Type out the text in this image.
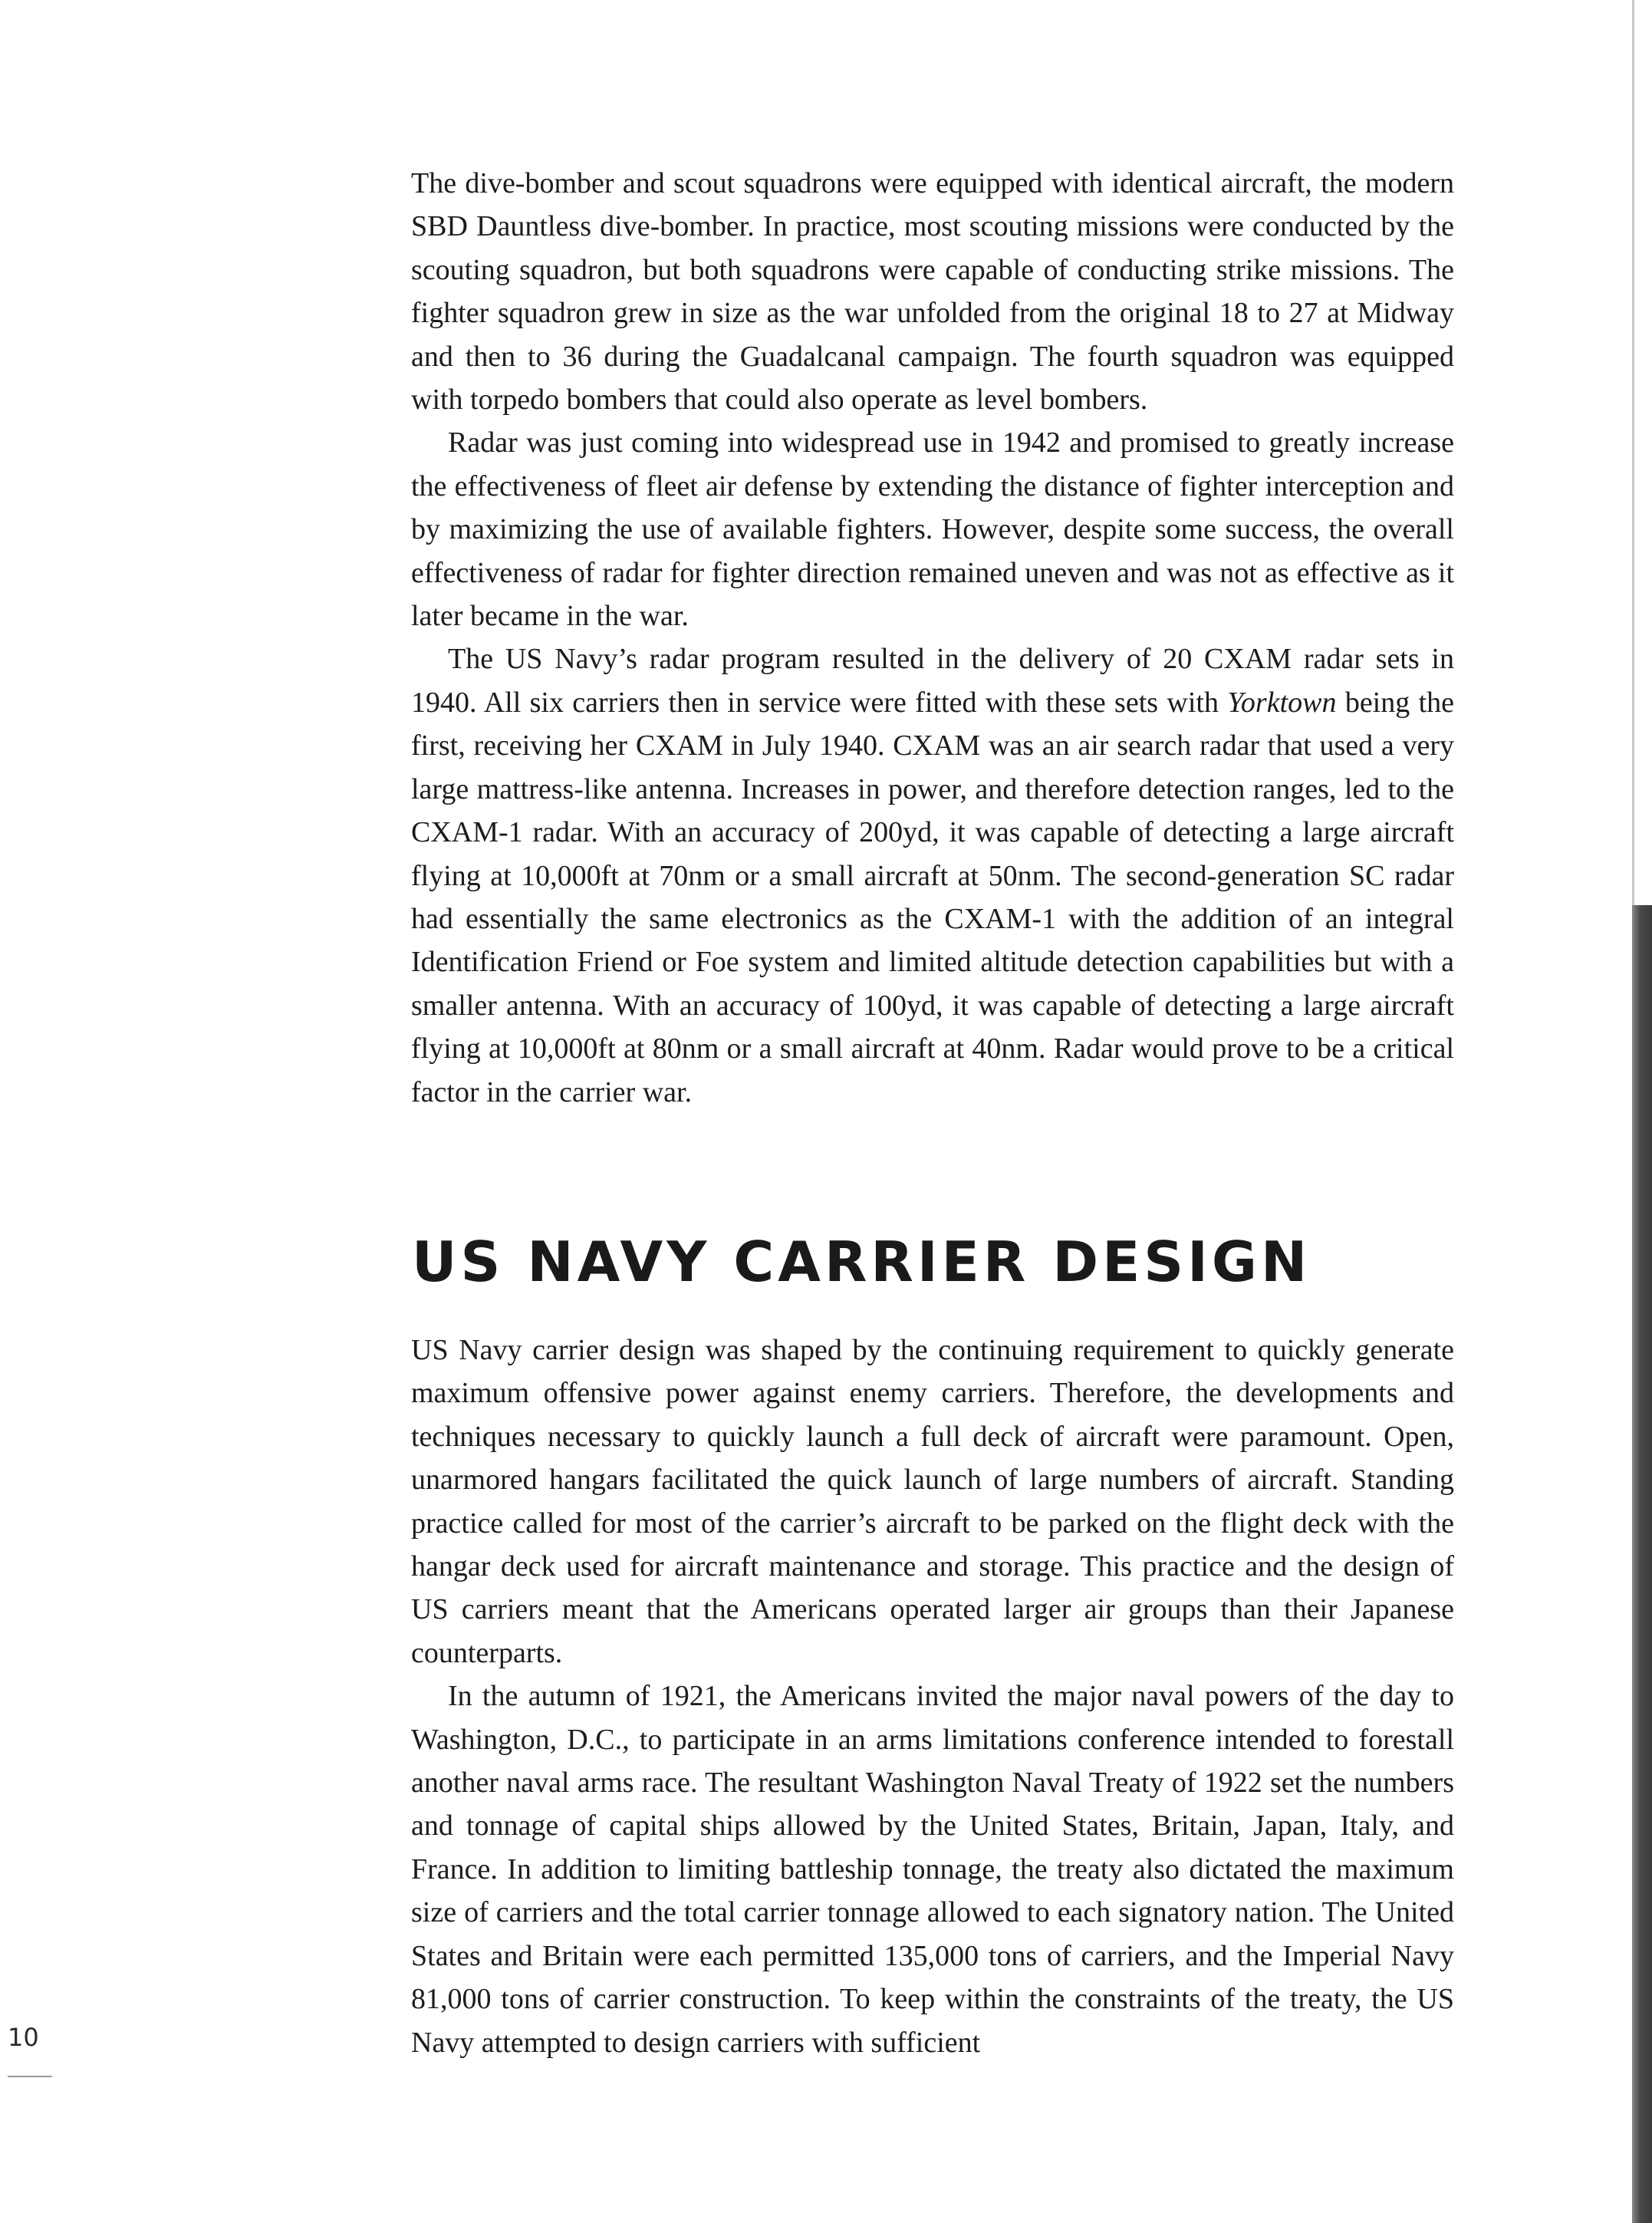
The dive-bomber and scout squadrons were equipped with identical aircraft, the modern SBD Dauntless dive-bomber. In practice, most scouting missions were conducted by the scouting squadron, but both squadrons were capable of conducting strike missions. The fighter squadron grew in size as the war unfolded from the original 18 to 27 at Midway and then to 36 during the Guadalcanal campaign. The fourth squadron was equipped with torpedo bombers that could also operate as level bombers.

Radar was just coming into widespread use in 1942 and promised to greatly increase the effectiveness of fleet air defense by extending the distance of fighter interception and by maximizing the use of available fighters. However, despite some success, the overall effectiveness of radar for fighter direction remained uneven and was not as effective as it later became in the war.

The US Navy’s radar program resulted in the delivery of 20 CXAM radar sets in 1940. All six carriers then in service were fitted with these sets with Yorktown being the first, receiving her CXAM in July 1940. CXAM was an air search radar that used a very large mattress-like antenna. Increases in power, and therefore detection ranges, led to the CXAM-1 radar. With an accuracy of 200yd, it was capable of detecting a large aircraft flying at 10,000ft at 70nm or a small aircraft at 50nm. The second-generation SC radar had essentially the same electronics as the CXAM-1 with the addition of an integral Identification Friend or Foe system and limited altitude detection capabilities but with a smaller antenna. With an accuracy of 100yd, it was capable of detecting a large aircraft flying at 10,000ft at 80nm or a small aircraft at 40nm. Radar would prove to be a critical factor in the carrier war.

US NAVY CARRIER DESIGN

US Navy carrier design was shaped by the continuing requirement to quickly generate maximum offensive power against enemy carriers. Therefore, the developments and techniques necessary to quickly launch a full deck of aircraft were paramount. Open, unarmored hangars facilitated the quick launch of large numbers of aircraft. Standing practice called for most of the carrier’s aircraft to be parked on the flight deck with the hangar deck used for aircraft maintenance and storage. This practice and the design of US carriers meant that the Americans operated larger air groups than their Japanese counterparts.

In the autumn of 1921, the Americans invited the major naval powers of the day to Washington, D.C., to participate in an arms limitations conference intended to forestall another naval arms race. The resultant Washington Naval Treaty of 1922 set the numbers and tonnage of capital ships allowed by the United States, Britain, Japan, Italy, and France. In addition to limiting battleship tonnage, the treaty also dictated the maximum size of carriers and the total carrier tonnage allowed to each signatory nation. The United States and Britain were each permitted 135,000 tons of carriers, and the Imperial Navy 81,000 tons of carrier construction. To keep within the constraints of the treaty, the US Navy attempted to design carriers with sufficient

10
